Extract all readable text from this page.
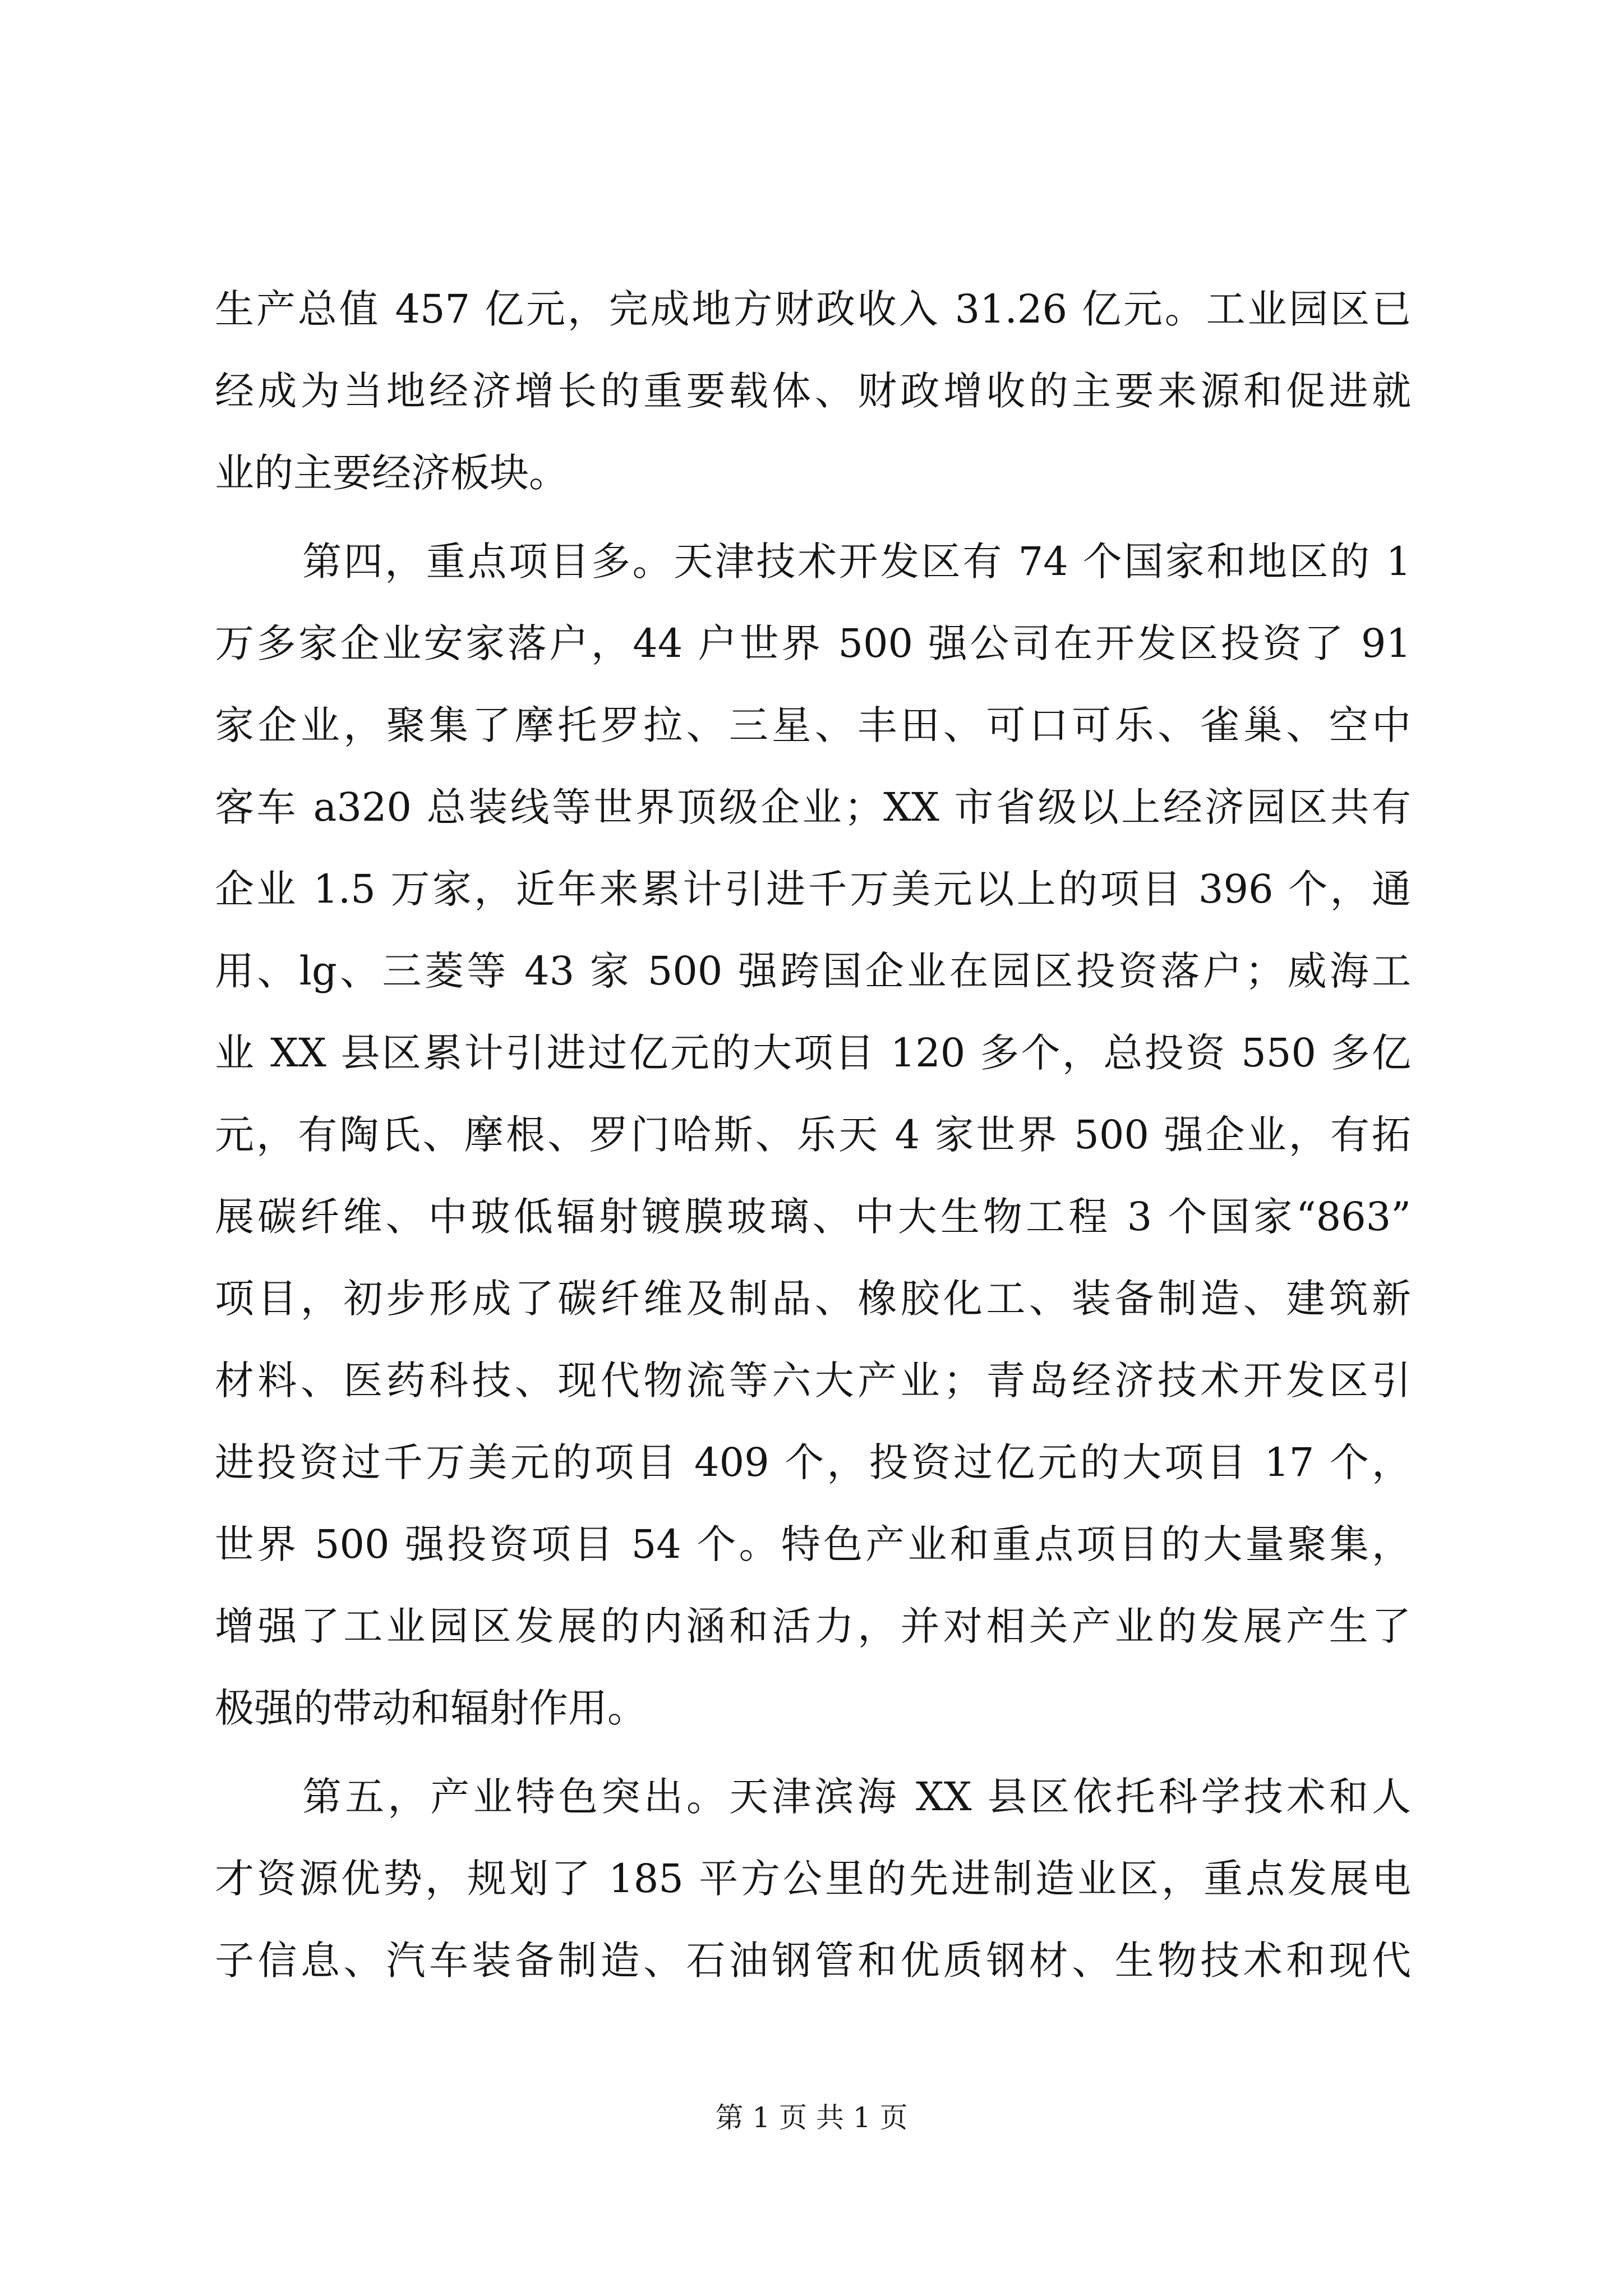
生产总值 457 亿元，完成地方财政收入 31.26 亿元。工业园区已
经成为当地经济增长的重要载体、财政增收的主要来源和促进就
业的主要经济板块。
第四，重点项目多。天津技术开发区有 74 个国家和地区的 1
万多家企业安家落户，44 户世界 500 强公司在开发区投资了 91
家企业，聚集了摩托罗拉、三星、丰田、可口可乐、雀巢、空中
客车 a320 总装线等世界顶级企业；XX 市省级以上经济园区共有
企业 1.5 万家，近年来累计引进千万美元以上的项目 396 个，通
用、lg、三菱等 43 家 500 强跨国企业在园区投资落户；威海工
业 XX 县区累计引进过亿元的大项目 120 多个，总投资 550 多亿
元，有陶氏、摩根、罗门哈斯、乐天 4 家世界 500 强企业，有拓
展碳纤维、中玻低辐射镀膜玻璃、中大生物工程 3 个国家“863”
项目，初步形成了碳纤维及制品、橡胶化工、装备制造、建筑新
材料、医药科技、现代物流等六大产业；青岛经济技术开发区引
进投资过千万美元的项目 409 个，投资过亿元的大项目 17 个，
世界 500 强投资项目 54 个。特色产业和重点项目的大量聚集，
增强了工业园区发展的内涵和活力，并对相关产业的发展产生了
极强的带动和辐射作用。
第五，产业特色突出。天津滨海 XX 县区依托科学技术和人
才资源优势，规划了 185 平方公里的先进制造业区，重点发展电
子信息、汽车装备制造、石油钢管和优质钢材、生物技术和现代
第 1 页 共 1 页
